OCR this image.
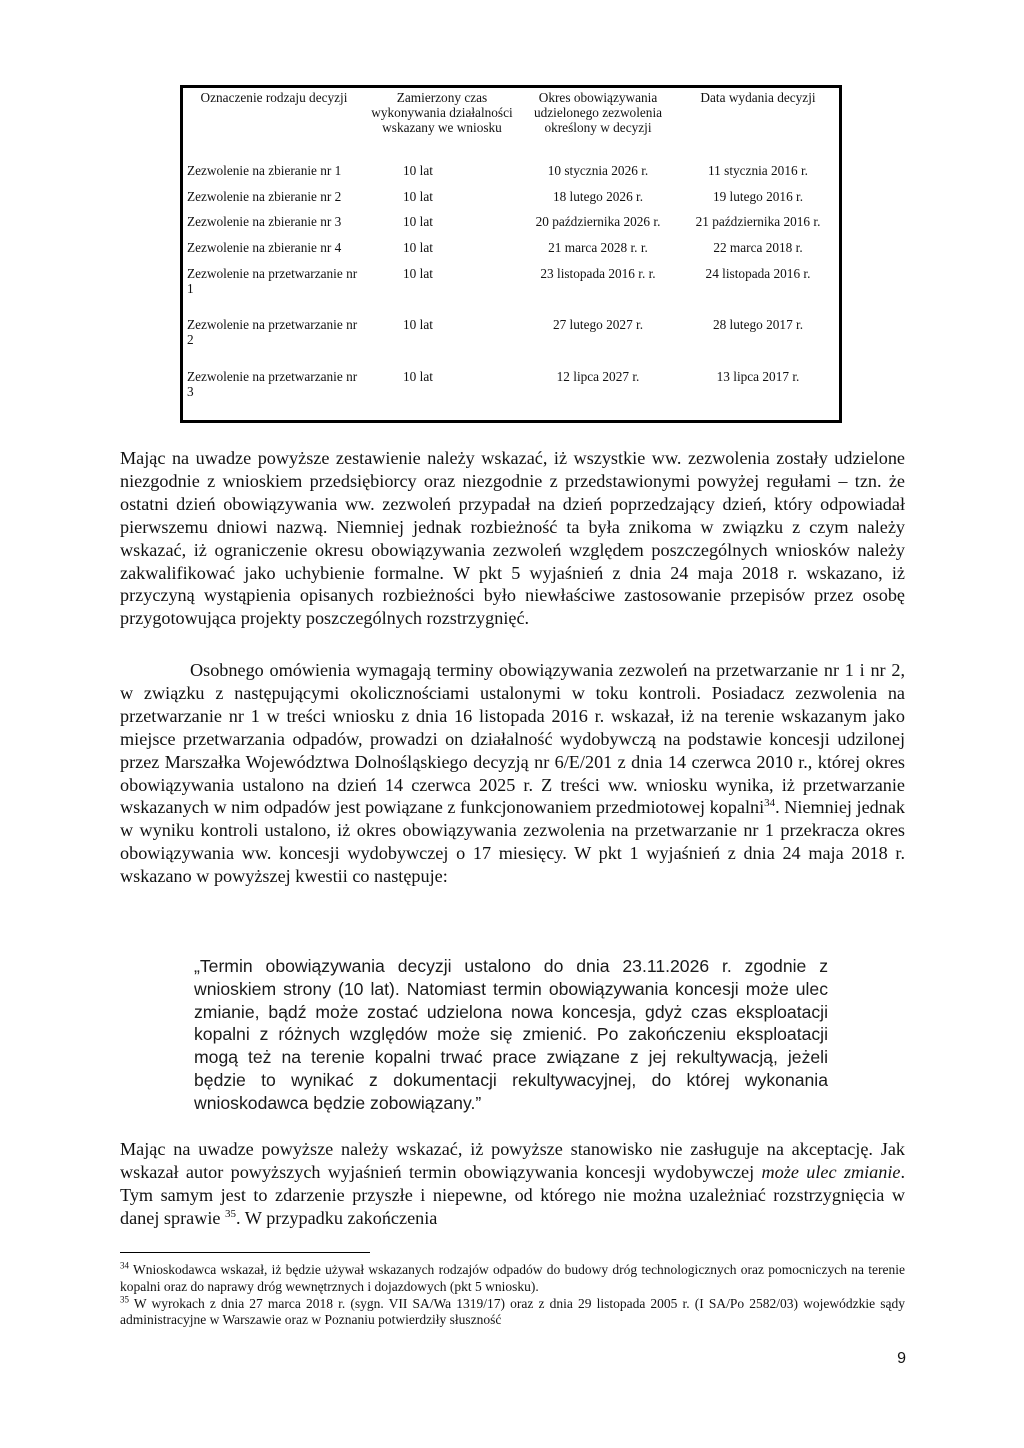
Oznaczenie rodzaju decyzji	Zamierzony czas wykonywania działalności wskazany we wniosku	Okres obowiązywania udzielonego zezwolenia określony w decyzji	Data wydania decyzji
Zezwolenie na zbieranie nr 1	10 lat	10 stycznia 2026 r.	11 stycznia 2016 r.
Zezwolenie na zbieranie nr 2	10 lat	18 lutego 2026 r.	19 lutego 2016 r.
Zezwolenie na zbieranie nr 3	10 lat	20 października 2026 r.	21 października 2016 r.
Zezwolenie na zbieranie nr 4	10 lat	21 marca 2028 r. r.	22 marca 2018 r.
Zezwolenie na przetwarzanie nr 1	10 lat	23 listopada 2016 r. r.	24 listopada 2016 r.
Zezwolenie na przetwarzanie nr 2	10 lat	27 lutego 2027 r.	28 lutego 2017 r.
Zezwolenie na przetwarzanie nr 3	10 lat	12 lipca 2027 r.	13 lipca 2017 r.

Mając na uwadze powyższe zestawienie należy wskazać, iż wszystkie ww. zezwolenia zostały udzielone niezgodnie z wnioskiem przedsiębiorcy oraz niezgodnie z przedstawionymi powyżej regułami – tzn. że ostatni dzień obowiązywania ww. zezwoleń przypadał na dzień poprzedzający dzień, który odpowiadał pierwszemu dniowi nazwą. Niemniej jednak rozbieżność ta była znikoma w związku z czym należy wskazać, iż ograniczenie okresu obowiązywania zezwoleń względem poszczególnych wniosków należy zakwalifikować jako uchybienie formalne. W pkt 5 wyjaśnień z dnia 24 maja 2018 r. wskazano, iż przyczyną wystąpienia opisanych rozbieżności było niewłaściwe zastosowanie przepisów przez osobę przygotowująca projekty poszczególnych rozstrzygnięć.

Osobnego omówienia wymagają terminy obowiązywania zezwoleń na przetwarzanie nr 1 i nr 2, w związku z następującymi okolicznościami ustalonymi w toku kontroli. Posiadacz zezwolenia na przetwarzanie nr 1 w treści wniosku z dnia 16 listopada 2016 r. wskazał, iż na terenie wskazanym jako miejsce przetwarzania odpadów, prowadzi on działalność wydobywczą na podstawie koncesji udzilonej przez Marszałka Województwa Dolnośląskiego decyzją nr 6/E/201 z dnia 14 czerwca 2010 r., której okres obowiązywania ustalono na dzień 14 czerwca 2025 r. Z treści ww. wniosku wynika, iż przetwarzanie wskazanych w nim odpadów jest powiązane z funkcjonowaniem przedmiotowej kopalni$^{34}$. Niemniej jednak w wyniku kontroli ustalono, iż okres obowiązywania zezwolenia na przetwarzanie nr 1 przekracza okres obowiązywania ww. koncesji wydobywczej o 17 miesięcy. W pkt 1 wyjaśnień z dnia 24 maja 2018 r. wskazano w powyższej kwestii co następuje:

„Termin obowiązywania decyzji ustalono do dnia 23.11.2026 r. zgodnie z wnioskiem strony (10 lat). Natomiast termin obowiązywania koncesji może ulec zmianie, bądź może zostać udzielona nowa koncesja, gdyż czas eksploatacji kopalni z różnych względów może się zmienić. Po zakończeniu eksploatacji mogą też na terenie kopalni trwać prace związane z jej rekultywacją, jeżeli będzie to wynikać z dokumentacji rekultywacyjnej, do której wykonania wnioskodawca będzie zobowiązany.”

Mając na uwadze powyższe należy wskazać, iż powyższe stanowisko nie zasługuje na akceptację. Jak wskazał autor powyższych wyjaśnień termin obowiązywania koncesji wydobywczej może ulec zmianie. Tym samym jest to zdarzenie przyszłe i niepewne, od którego nie można uzależniać rozstrzygnięcia w danej sprawie $^{35}$. W przypadku zakończenia

$^{34}$ Wnioskodawca wskazał, iż będzie używał wskazanych rodzajów odpadów do budowy dróg technologicznych oraz pomocniczych na terenie kopalni oraz do naprawy dróg wewnętrznych i dojazdowych (pkt 5 wniosku).

$^{35}$ W wyrokach z dnia 27 marca 2018 r. (sygn. VII SA/Wa 1319/17) oraz z dnia 29 listopada 2005 r. (I SA/Po 2582/03) wojewódzkie sądy administracyjne w Warszawie oraz w Poznaniu potwierdziły słuszność

9
